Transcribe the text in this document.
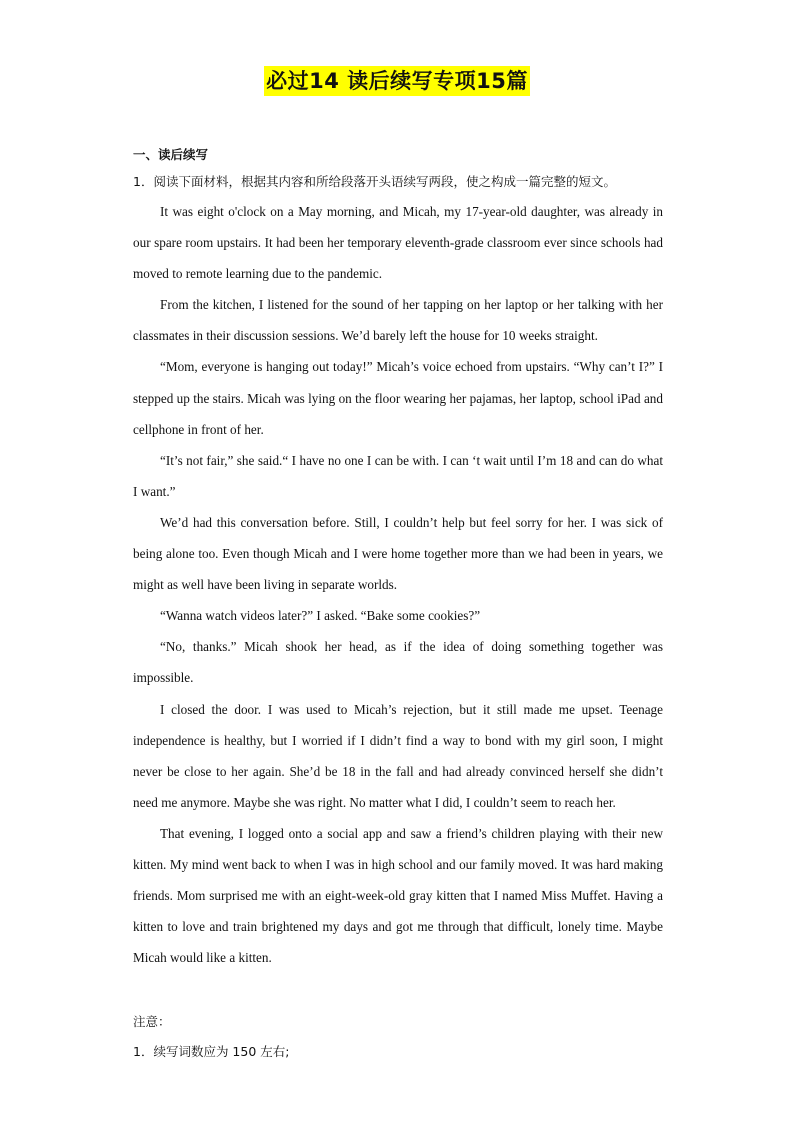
必过14 读后续写专项15篇
一、读后续写
1．阅读下面材料，根据其内容和所给段落开头语续写两段，使之构成一篇完整的短文。

It was eight o'clock on a May morning, and Micah, my 17-year-old daughter, was already in our spare room upstairs. It had been her temporary eleventh-grade classroom ever since schools had moved to remote learning due to the pandemic.

From the kitchen, I listened for the sound of her tapping on her laptop or her talking with her classmates in their discussion sessions. We’d barely left the house for 10 weeks straight.

“Mom, everyone is hanging out today!” Micah’s voice echoed from upstairs. “Why can’t I?” I stepped up the stairs. Micah was lying on the floor wearing her pajamas, her laptop, school iPad and cellphone in front of her.

“It’s not fair,” she said.“ I have no one I can be with. I can ‘t wait until I’m 18 and can do what I want.”

We’d had this conversation before. Still, I couldn’t help but feel sorry for her. I was sick of being alone too. Even though Micah and I were home together more than we had been in years, we might as well have been living in separate worlds.

“Wanna watch videos later?” I asked. “Bake some cookies?”

“No, thanks.” Micah shook her head, as if the idea of doing something together was impossible.

I closed the door. I was used to Micah’s rejection, but it still made me upset. Teenage independence is healthy, but I worried if I didn’t find a way to bond with my girl soon, I might never be close to her again. She’d be 18 in the fall and had already convinced herself she didn’t need me anymore. Maybe she was right. No matter what I did, I couldn’t seem to reach her.

That evening, I logged onto a social app and saw a friend’s children playing with their new kitten. My mind went back to when I was in high school and our family moved. It was hard making friends. Mom surprised me with an eight-week-old gray kitten that I named Miss Muffet. Having a kitten to love and train brightened my days and got me through that difficult, lonely time. Maybe Micah would like a kitten.

注意：
1．续写词数应为 150 左右;
